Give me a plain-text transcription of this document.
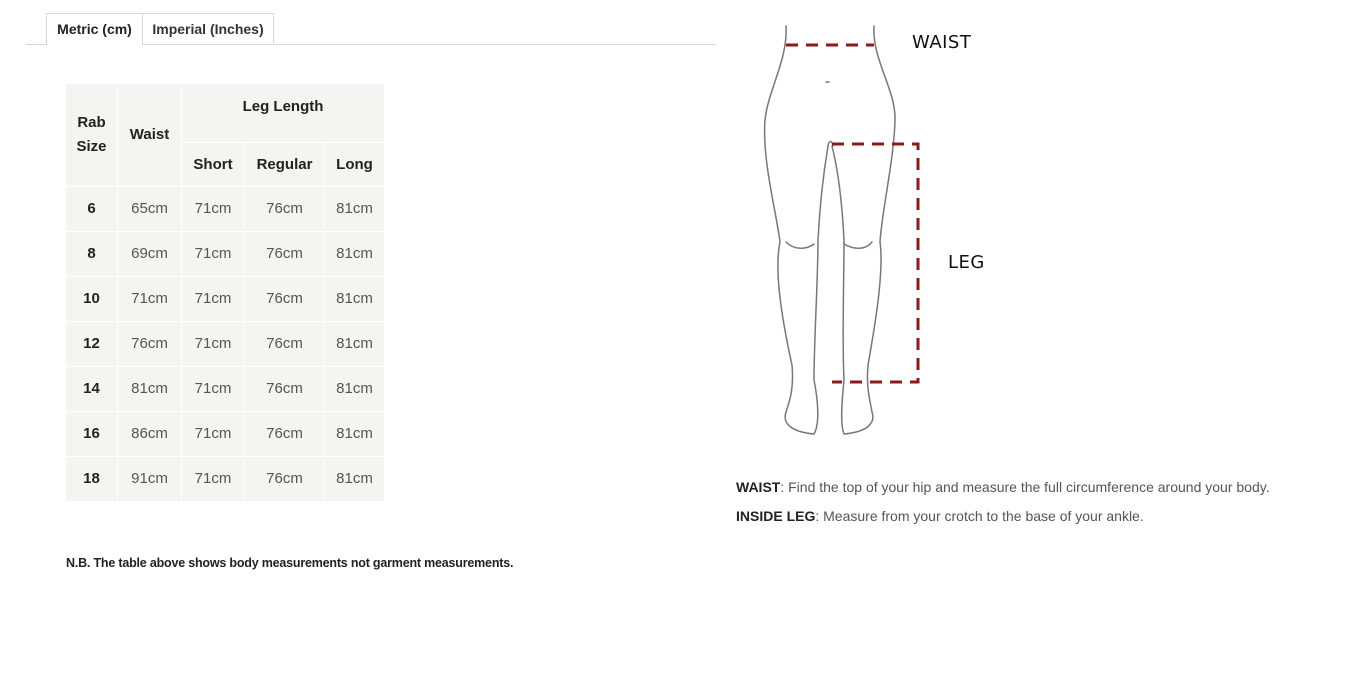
Metric (cm)	Imperial (Inches)
Rab
Size	Waist	Leg Length		
		Short	Regular	Long
6	65cm	71cm	76cm	81cm
8	69cm	71cm	76cm	81cm
10	71cm	71cm	76cm	81cm
12	76cm	71cm	76cm	81cm
14	81cm	71cm	76cm	81cm
16	86cm	71cm	76cm	81cm
18	91cm	71cm	76cm	81cm
N.B. The table above shows body measurements not garment measurements.
WAIST
LEG
WAIST: Find the top of your hip and measure the full circumference around your body.
INSIDE LEG: Measure from your crotch to the base of your ankle.
